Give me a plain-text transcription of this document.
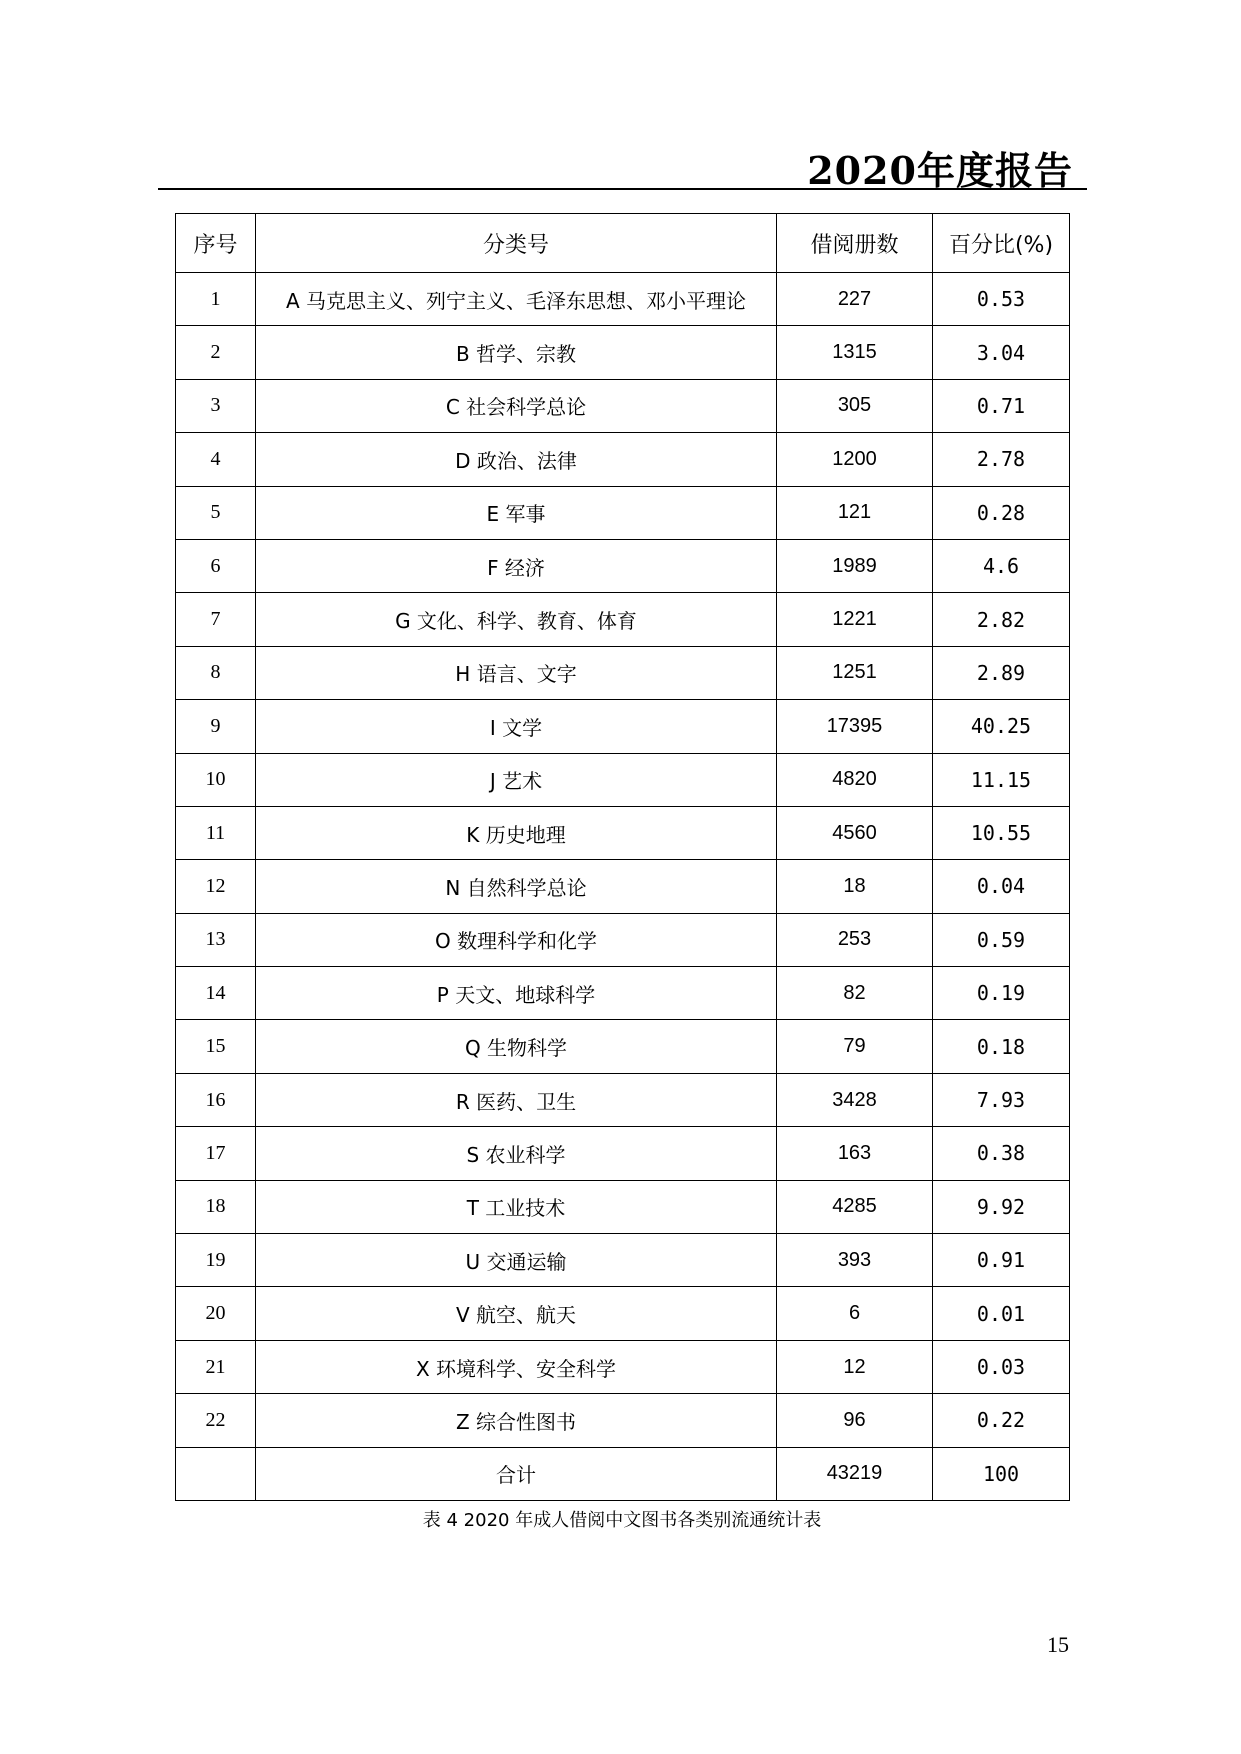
2020年度报告
序号	分类号	借阅册数	百分比(%)
1	A 马克思主义、列宁主义、毛泽东思想、邓小平理论	227	0.53
2	B 哲学、宗教	1315	3.04
3	C 社会科学总论	305	0.71
4	D 政治、法律	1200	2.78
5	E 军事	121	0.28
6	F 经济	1989	4.6
7	G 文化、科学、教育、体育	1221	2.82
8	H 语言、文字	1251	2.89
9	I 文学	17395	40.25
10	J 艺术	4820	11.15
11	K 历史地理	4560	10.55
12	N 自然科学总论	18	0.04
13	O 数理科学和化学	253	0.59
14	P 天文、地球科学	82	0.19
15	Q 生物科学	79	0.18
16	R 医药、卫生	3428	7.93
17	S 农业科学	163	0.38
18	T 工业技术	4285	9.92
19	U 交通运输	393	0.91
20	V 航空、航天	6	0.01
21	X 环境科学、安全科学	12	0.03
22	Z 综合性图书	96	0.22
	合计	43219	100
表 4 2020 年成人借阅中文图书各类别流通统计表
15
